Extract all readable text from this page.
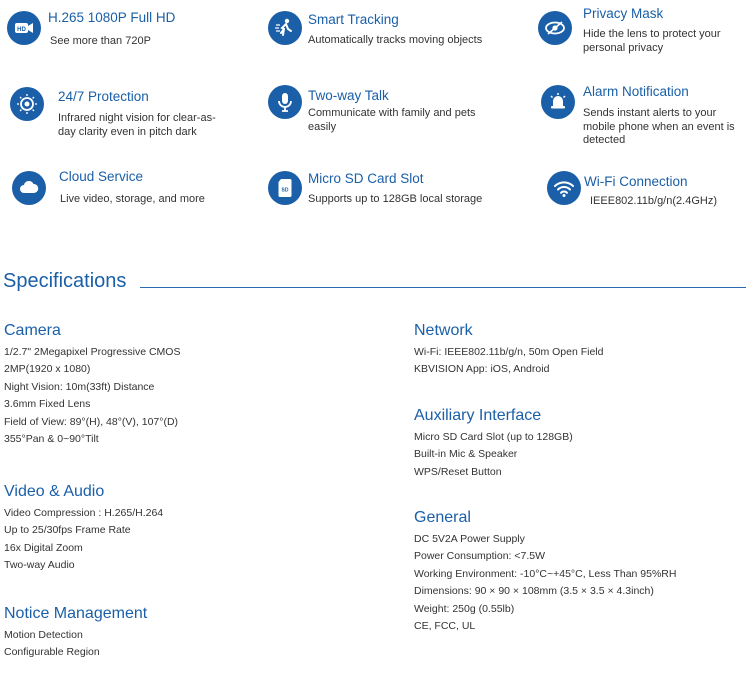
HD
H.265 1080P Full HD
See more than 720P
Smart Tracking
Automatically tracks moving objects
Privacy Mask
Hide the lens to protect your personal privacy
24/7 Protection
Infrared night vision for clear-as-day clarity even in pitch dark
Two-way Talk
Communicate with family and pets easily
Alarm Notification
Sends instant alerts to your mobile phone when an event is detected
Cloud Service
Live video, storage, and more
SD
Micro SD Card Slot
Supports up to 128GB local storage
Wi-Fi Connection
IEEE802.11b/g/n(2.4GHz)
Specifications
Camera
1/2.7" 2Megapixel Progressive CMOS
2MP(1920 x 1080)
Night Vision: 10m(33ft) Distance
3.6mm Fixed Lens
Field of View: 89°(H), 48°(V), 107°(D)
355°Pan & 0~90°Tilt
Video & Audio
Video Compression : H.265/H.264
Up to 25/30fps Frame Rate
16x Digital Zoom
Two-way Audio
Notice Management
Motion Detection
Configurable Region
Network
Wi-Fi: IEEE802.11b/g/n, 50m Open Field
KBVISION App: iOS, Android
Auxiliary Interface
Micro SD Card Slot (up to 128GB)
Built-in Mic & Speaker
WPS/Reset Button
General
DC 5V2A Power Supply
Power Consumption: <7.5W
Working Environment: -10°C~+45°C, Less Than 95%RH
Dimensions: 90 × 90 × 108mm (3.5 × 3.5 × 4.3inch)
Weight: 250g (0.55lb)
CE, FCC, UL
